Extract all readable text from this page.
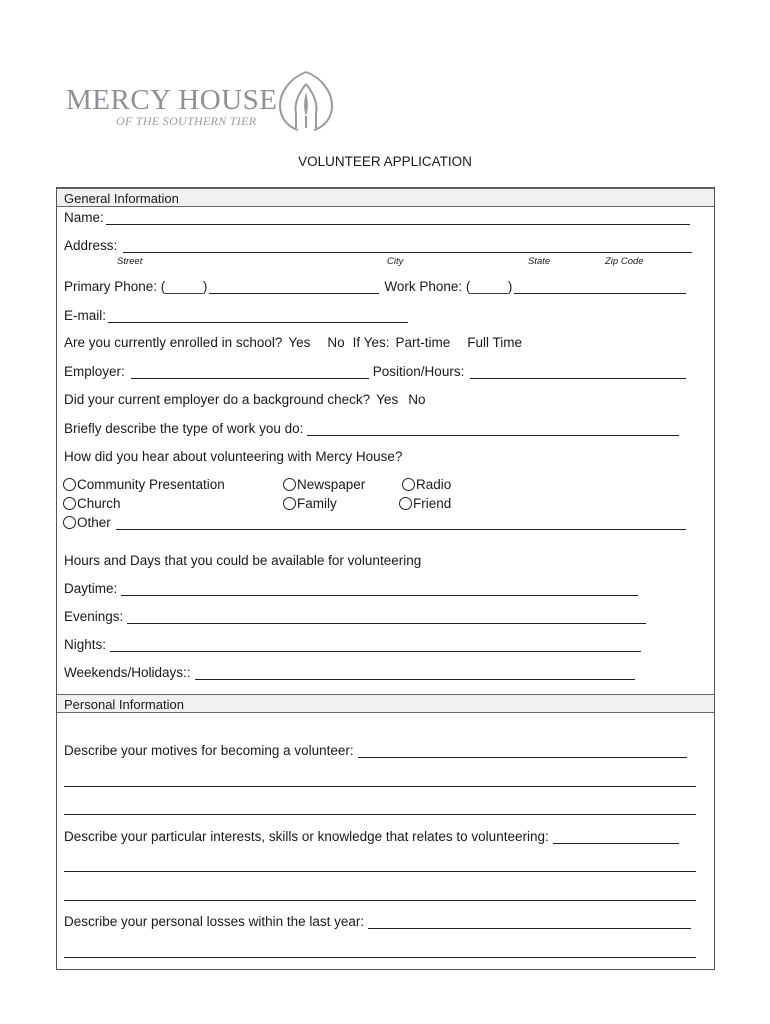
MERCY HOUSE
OF THE SOUTHERN TIER
VOLUNTEER APPLICATION
General Information
Name:
Address:
Street	City	State	Zip Code
Primary Phone: (_____)	Work Phone: (_____)
E-mail:
Are you currently enrolled in school? Yes No If Yes: Part-time Full Time
Employer:	Position/Hours:
Did your current employer do a background check? Yes No
Briefly describe the type of work you do:
How did you hear about volunteering with Mercy House?
Community Presentation	Newspaper	Radio
Church	Family	Friend
Other
Hours and Days that you could be available for volunteering
Daytime:
Evenings:
Nights:
Weekends/Holidays::
Personal Information
Describe your motives for becoming a volunteer:
Describe your particular interests, skills or knowledge that relates to volunteering:
Describe your personal losses within the last year:
